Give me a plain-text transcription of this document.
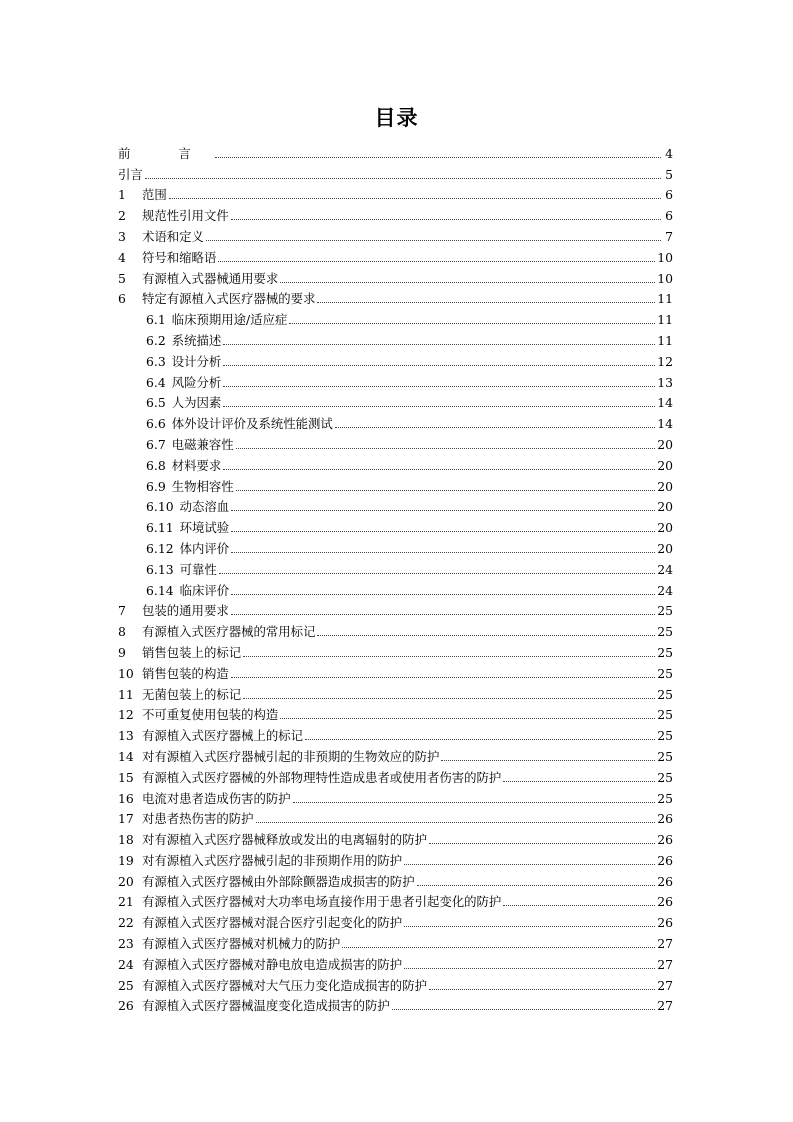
目录
前 言	4
引言	5
1	范围	6
2	规范性引用文件	6
3	术语和定义	7
4	符号和缩略语	10
5	有源植入式器械通用要求	10
6	特定有源植入式医疗器械的要求	11
6.1 临床预期用途/适应症	11
6.2 系统描述	11
6.3 设计分析	12
6.4 风险分析	13
6.5 人为因素	14
6.6 体外设计评价及系统性能测试	14
6.7 电磁兼容性	20
6.8 材料要求	20
6.9 生物相容性	20
6.10 动态溶血	20
6.11 环境试验	20
6.12 体内评价	20
6.13 可靠性	24
6.14 临床评价	24
7	包装的通用要求	25
8	有源植入式医疗器械的常用标记	25
9	销售包装上的标记	25
10 销售包装的构造	25
11 无菌包装上的标记	25
12 不可重复使用包装的构造	25
13 有源植入式医疗器械上的标记	25
14 对有源植入式医疗器械引起的非预期的生物效应的防护	25
15 有源植入式医疗器械的外部物理特性造成患者或使用者伤害的防护	25
16 电流对患者造成伤害的防护	25
17 对患者热伤害的防护	26
18 对有源植入式医疗器械释放或发出的电离辐射的防护	26
19 对有源植入式医疗器械引起的非预期作用的防护	26
20 有源植入式医疗器械由外部除颤器造成损害的防护	26
21 有源植入式医疗器械对大功率电场直接作用于患者引起变化的防护	26
22 有源植入式医疗器械对混合医疗引起变化的防护	26
23 有源植入式医疗器械对机械力的防护	27
24 有源植入式医疗器械对静电放电造成损害的防护	27
25 有源植入式医疗器械对大气压力变化造成损害的防护	27
26 有源植入式医疗器械温度变化造成损害的防护	27
